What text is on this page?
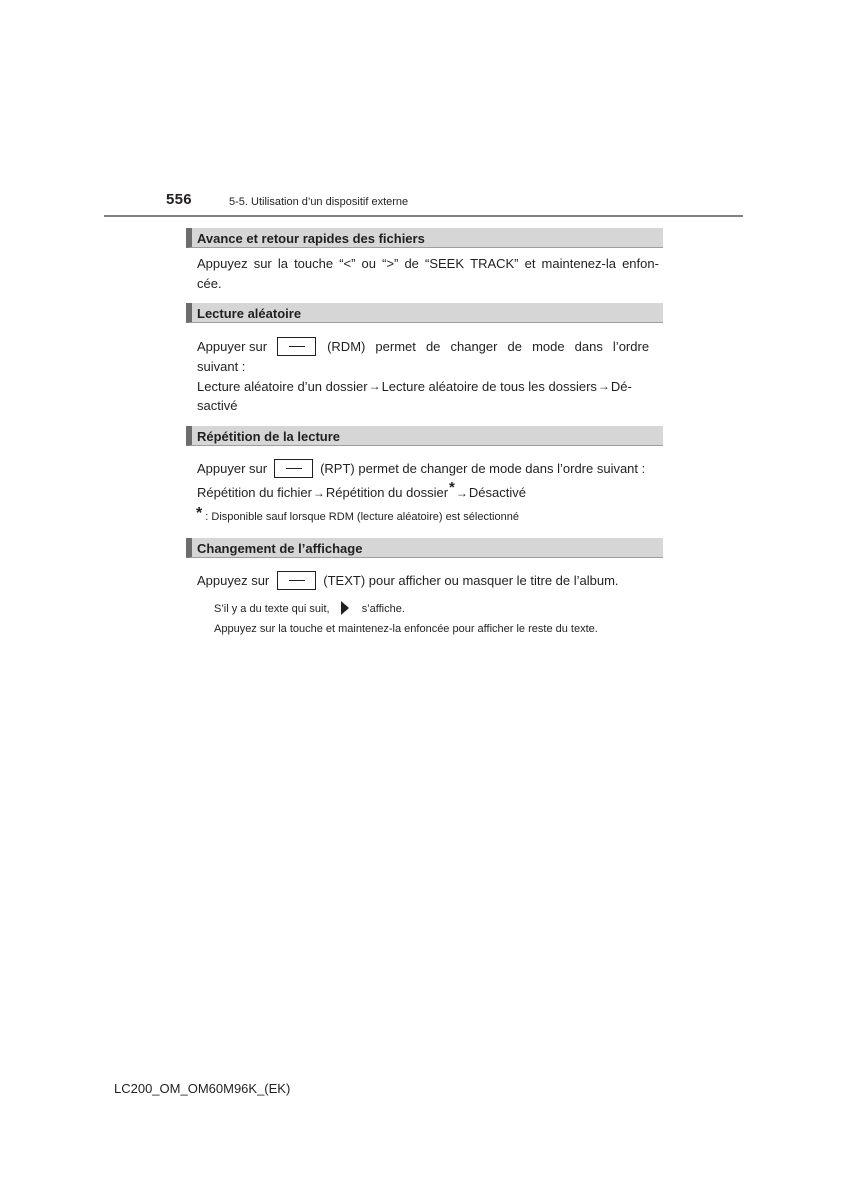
556	5-5. Utilisation d’un dispositif externe
Avance et retour rapides des fichiers
Appuyez sur la touche “<” ou “>” de “SEEK TRACK” et maintenez-la enfon-
cée.
Lecture aléatoire
Appuyer sur	(RDM) permet de changer de mode dans l’ordre
suivant :
Lecture aléatoire d’un dossier → Lecture aléatoire de tous les dossiers → Dé-
sactivé
Répétition de la lecture
Appuyer sur	(RPT) permet de changer de mode dans l’ordre suivant :
Répétition du fichier→Répétition du dossier*→Désactivé
* : Disponible sauf lorsque RDM (lecture aléatoire) est sélectionné
Changement de l’affichage
Appuyez sur	(TEXT) pour afficher ou masquer le titre de l’album.
S’il y a du texte qui suit,	s’affiche.
Appuyez sur la touche et maintenez-la enfoncée pour afficher le reste du texte.
LC200_OM_OM60M96K_(EK)
